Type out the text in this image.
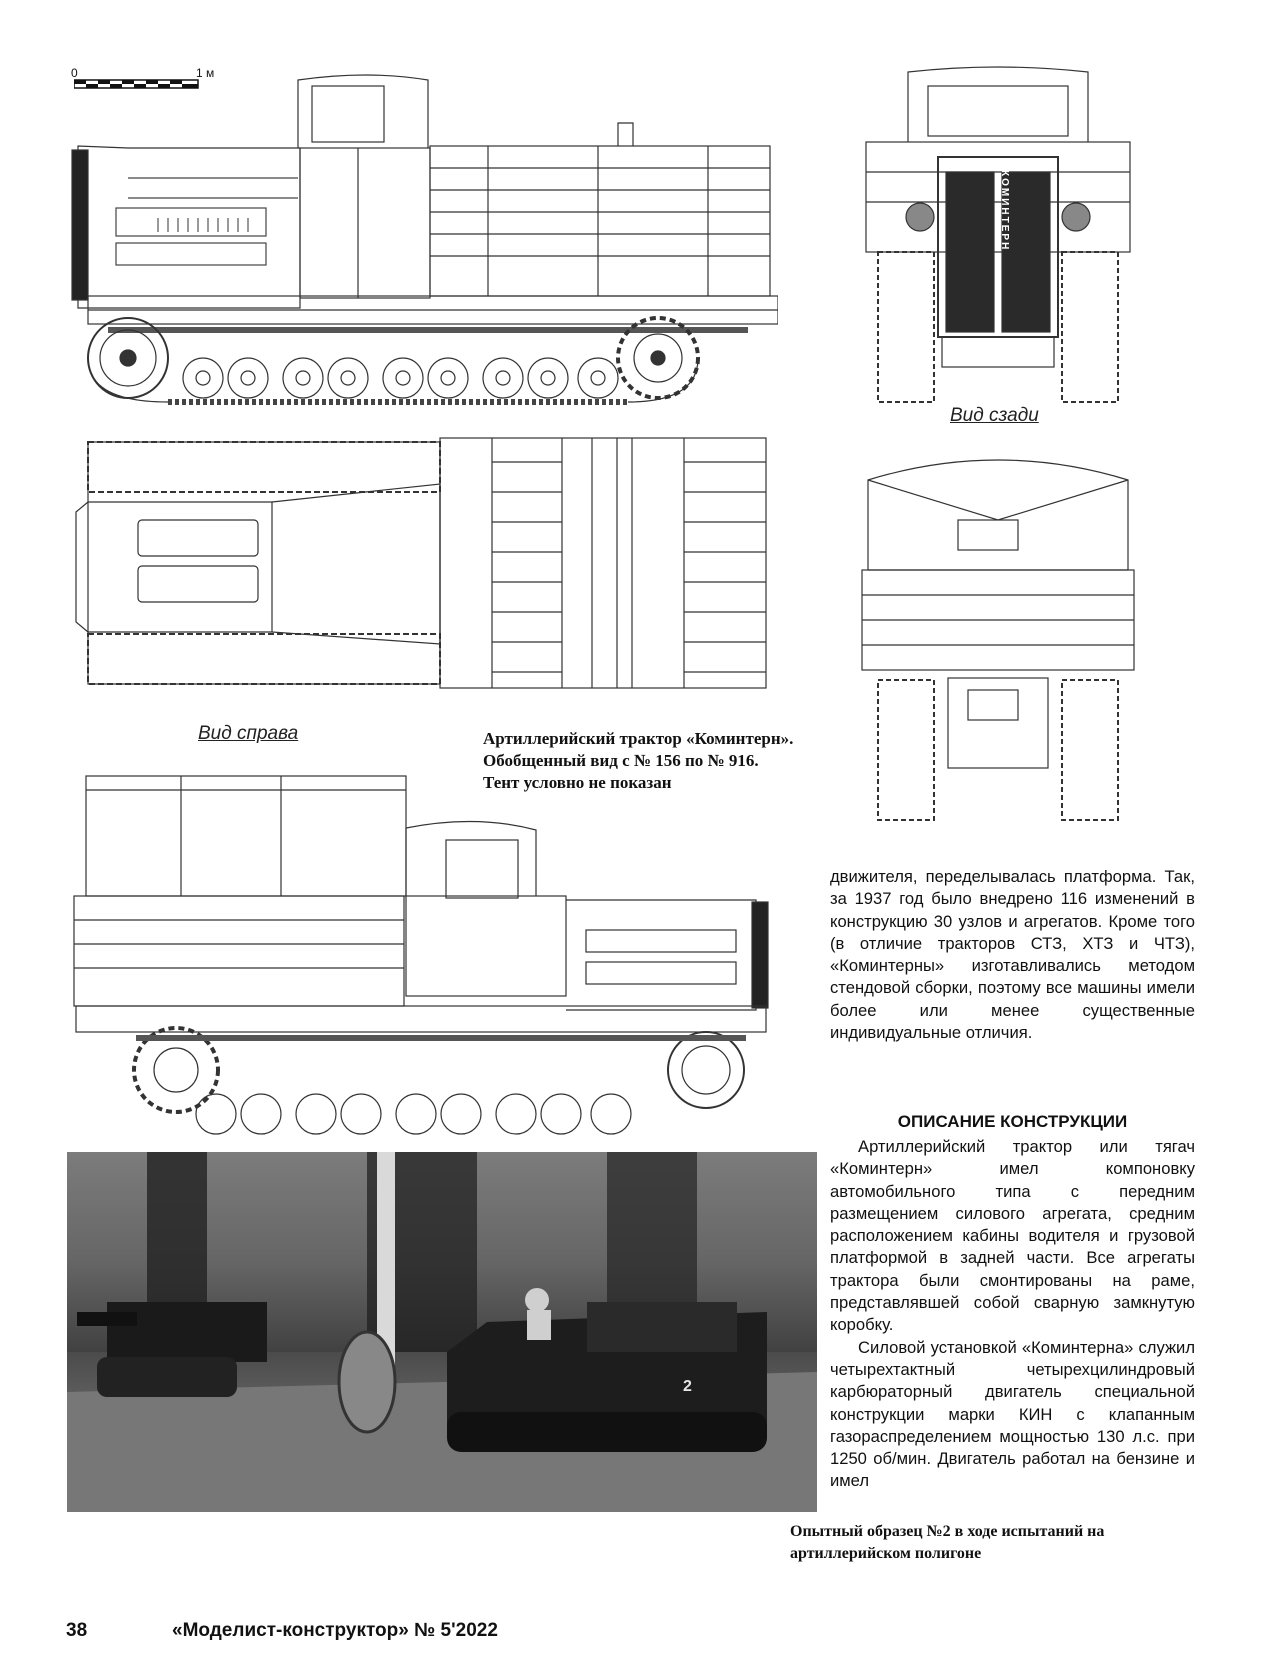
0	1 м
КОМИНТЕРН
Вид сзади
Вид справа	Артиллерийский трактор «Коминтерн».
Обобщенный вид с № 156 по № 916.
Тент условно не показан

движителя, переделывалась платформа. Так, за 1937 год было внедрено 116 изменений в конструкцию 30 узлов и агрегатов. Кроме того (в отличие тракторов СТЗ, ХТЗ и ЧТЗ), «Коминтерны» изготавливались методом стендовой сборки, поэтому все машины имели более или менее существенные индивидуальные отличия.

ОПИСАНИЕ КОНСТРУКЦИИ

Артиллерийский трактор или тягач «Коминтерн» имел компоновку автомобильного типа с передним размещением силового агрегата, средним расположением кабины водителя и грузовой платформой в задней части. Все агрегаты трактора были смонтированы на раме, представлявшей собой сварную замкнутую коробку.

Силовой установкой «Коминтерна» служил четырехтактный четырехцилиндровый карбюраторный двигатель специальной конструкции марки КИН с клапанным газораспределением мощностью 130 л.с. при 1250 об/мин. Двигатель работал на бензине и имел

2
Опытный образец №2 в ходе испытаний на
артиллерийском полигоне
38	«Моделист-конструктор» № 5'2022
